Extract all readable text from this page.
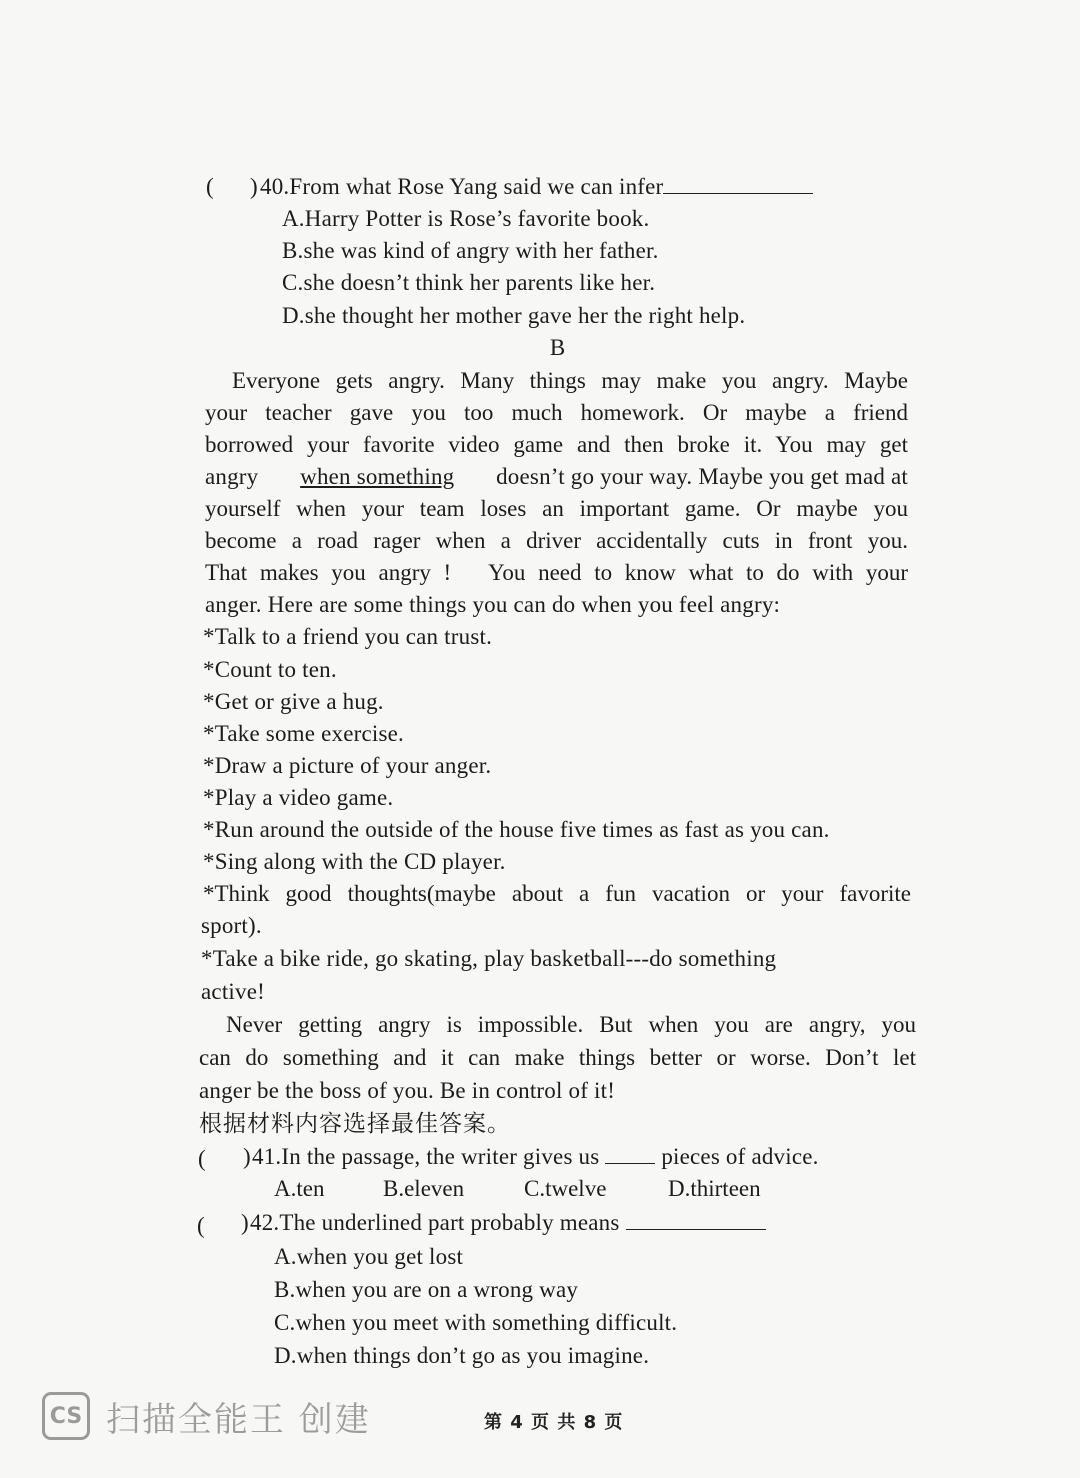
( ) 40.From what Rose Yang said we can infer
A.Harry Potter is Rose’s favorite book.
B.she was kind of angry with her father.
C.she doesn’t think her parents like her.
D.she thought her mother gave her the right help.
B
Everyone gets angry. Many things may make you angry. Maybe
your teacher gave you too much homework. Or maybe a friend
borrowed your favorite video game and then broke it. You may get
angry when something doesn’t go your way. Maybe you get mad at
yourself when your team loses an important game. Or maybe you
become a road rager when a driver accidentally cuts in front you.
That makes you angry !　You need to know what to do with your
anger. Here are some things you can do when you feel angry:
*Talk to a friend you can trust.
*Count to ten.
*Get or give a hug.
*Take some exercise.
*Draw a picture of your anger.
*Play a video game.
*Run around the outside of the house five times as fast as you can.
*Sing along with the CD player.
*Think good thoughts(maybe about a fun vacation or your favorite
sport).
*Take a bike ride, go skating, play basketball---do something
active!
Never getting angry is impossible. But when you are angry, you
can do something and it can make things better or worse. Don’t let
anger be the boss of you. Be in control of it!
根据材料内容选择最佳答案。
( ) 41.In the passage, the writer gives us	pieces of advice.
A.ten	B.eleven	C.twelve	D.thirteen
( ) 42.The underlined part probably means
A.when you get lost
B.when you are on a wrong way
C.when you meet with something difficult.
D.when things don’t go as you imagine.
CS 扫描全能王 创建	第 4 页 共 8 页
